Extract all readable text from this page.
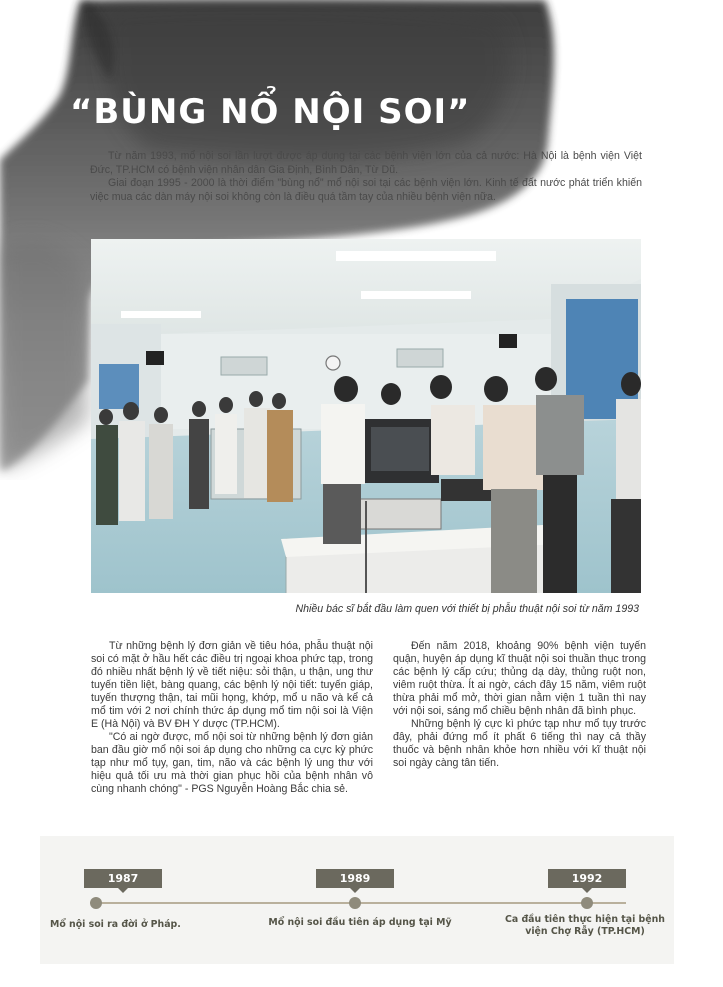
“BÙNG NỔ NỘI SOI”

Từ năm 1993, mổ nội soi lần lượt được áp dụng tại các bệnh viện lớn của cả nước: Hà Nội là bệnh viện Việt Đức, TP.HCM có bệnh viện nhân dân Gia Định, Bình Dân, Từ Dũ.

Giai đoạn 1995 - 2000 là thời điểm "bùng nổ" mổ nội soi tại các bệnh viện lớn. Kinh tế đất nước phát triển khiến việc mua các dàn máy nội soi không còn là điều quá tầm tay của nhiều bệnh viện nữa.

Nhiều bác sĩ bắt đầu làm quen với thiết bị phẫu thuật nội soi từ năm 1993

Từ những bệnh lý đơn giản về tiêu hóa, phẫu thuật nội soi có mặt ở hầu hết các điều trị ngoại khoa phức tạp, trong đó nhiều nhất bệnh lý về tiết niệu: sỏi thận, u thận, ung thư tuyến tiền liệt, bàng quang, các bệnh lý nội tiết: tuyến giáp, tuyến thượng thận, tai mũi họng, khớp, mổ u não và kể cả mổ tim với 2 nơi chính thức áp dụng mổ tim nội soi là Viện E (Hà Nội) và BV ĐH Y dược (TP.HCM).

"Có ai ngờ được, mổ nội soi từ những bệnh lý đơn giản ban đầu giờ mổ nội soi áp dụng cho những ca cực kỳ phức tạp như mổ tụy, gan, tim, não và các bệnh lý ung thư với hiệu quả tối ưu mà thời gian phục hồi của bệnh nhân vô cùng nhanh chóng" - PGS Nguyễn Hoàng Bắc chia sẻ.

Đến năm 2018, khoảng 90% bệnh viện tuyến quận, huyện áp dụng kĩ thuật nội soi thuần thục trong các bệnh lý cấp cứu; thủng dạ dày, thủng ruột non, viêm ruột thừa. Ít ai ngờ, cách đây 15 năm, viêm ruột thừa phải mổ mở, thời gian nằm viện 1 tuần thì nay với nội soi, sáng mổ chiều bệnh nhân đã bình phục.

Những bệnh lý cực kì phức tạp như mổ tụy trước đây, phải đứng mổ ít phất 6 tiếng thì nay cả thầy thuốc và bệnh nhân khỏe hơn nhiều với kĩ thuật nội soi ngày càng tân tiến.

1987
Mổ nội soi ra đời ở Pháp.
1989
Mổ nội soi đầu tiên áp dụng tại Mỹ
1992
Ca đầu tiên thực hiện tại bệnh viện Chợ Rẫy (TP.HCM)
